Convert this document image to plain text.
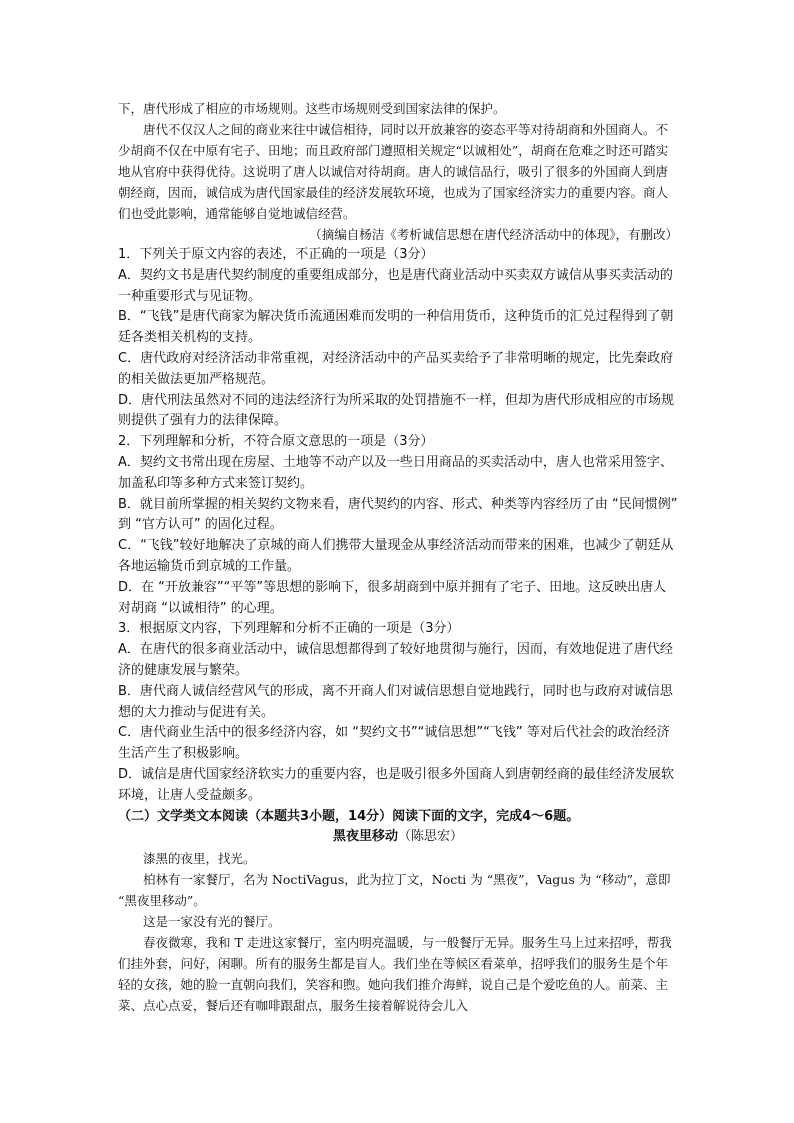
下，唐代形成了相应的市场规则。这些市场规则受到国家法律的保护。

唐代不仅汉人之间的商业来往中诚信相待，同时以开放兼容的姿态平等对待胡商和外国商人。不少胡商不仅在中原有宅子、田地；而且政府部门遵照相关规定“以诚相处”，胡商在危难之时还可踏实地从官府中获得优待。这说明了唐人以诚信对待胡商。唐人的诚信品行，吸引了很多的外国商人到唐朝经商，因而，诚信成为唐代国家最佳的经济发展软环境，也成为了国家经济实力的重要内容。商人们也受此影响，通常能够自觉地诚信经营。

（摘编自杨洁《考析诚信思想在唐代经济活动中的体现》，有删改）

1．下列关于原文内容的表述，不正确的一项是（3分）

A．契约文书是唐代契约制度的重要组成部分，也是唐代商业活动中买卖双方诚信从事买卖活动的一种重要形式与见证物。

B．“飞钱”是唐代商家为解决货币流通困难而发明的一种信用货币，这种货币的汇兑过程得到了朝廷各类相关机构的支持。

C．唐代政府对经济活动非常重视，对经济活动中的产品买卖给予了非常明晰的规定，比先秦政府的相关做法更加严格规范。

D．唐代刑法虽然对不同的违法经济行为所采取的处罚措施不一样，但却为唐代形成相应的市场规则提供了强有力的法律保障。

2．下列理解和分析，不符合原文意思的一项是（3分）

A．契约文书常出现在房屋、土地等不动产以及一些日用商品的买卖活动中，唐人也常采用签字、加盖私印等多种方式来签订契约。

B．就目前所掌握的相关契约文物来看，唐代契约的内容、形式、种类等内容经历了由 “民间惯例” 到 “官方认可” 的固化过程。

C．“飞钱”较好地解决了京城的商人们携带大量现金从事经济活动而带来的困难，也减少了朝廷从各地运输货币到京城的工作量。

D．在 “开放兼容”“平等”等思想的影响下，很多胡商到中原并拥有了宅子、田地。这反映出唐人对胡商 “以诚相待” 的心理。

3．根据原文内容，下列理解和分析不正确的一项是（3分）

A．在唐代的很多商业活动中，诚信思想都得到了较好地贯彻与施行，因而，有效地促进了唐代经济的健康发展与繁荣。

B．唐代商人诚信经营风气的形成，离不开商人们对诚信思想自觉地践行，同时也与政府对诚信思想的大力推动与促进有关。

C．唐代商业生活中的很多经济内容，如 “契约文书”“诚信思想”“飞钱” 等对后代社会的政治经济生活产生了积极影响。

D．诚信是唐代国家经济软实力的重要内容，也是吸引很多外国商人到唐朝经商的最佳经济发展软环境，让唐人受益颇多。

（二）文学类文本阅读（本题共3小题，14分）阅读下面的文字，完成4～6题。

黑夜里移动（陈思宏）

漆黑的夜里，找光。

柏林有一家餐厅，名为 NoctiVagus，此为拉丁文，Nocti 为 “黑夜”，Vagus 为 “移动”，意即 “黑夜里移动”。

这是一家没有光的餐厅。

春夜微寒，我和 T 走进这家餐厅，室内明亮温暖，与一般餐厅无异。服务生马上过来招呼，帮我们挂外套，问好，闲聊。所有的服务生都是盲人。我们坐在等候区看菜单，招呼我们的服务生是个年轻的女孩，她的脸一直朝向我们，笑容和煦。她向我们推介海鲜，说自己是个爱吃鱼的人。前菜、主菜、点心点妥，餐后还有咖啡跟甜点，服务生接着解说待会儿入
